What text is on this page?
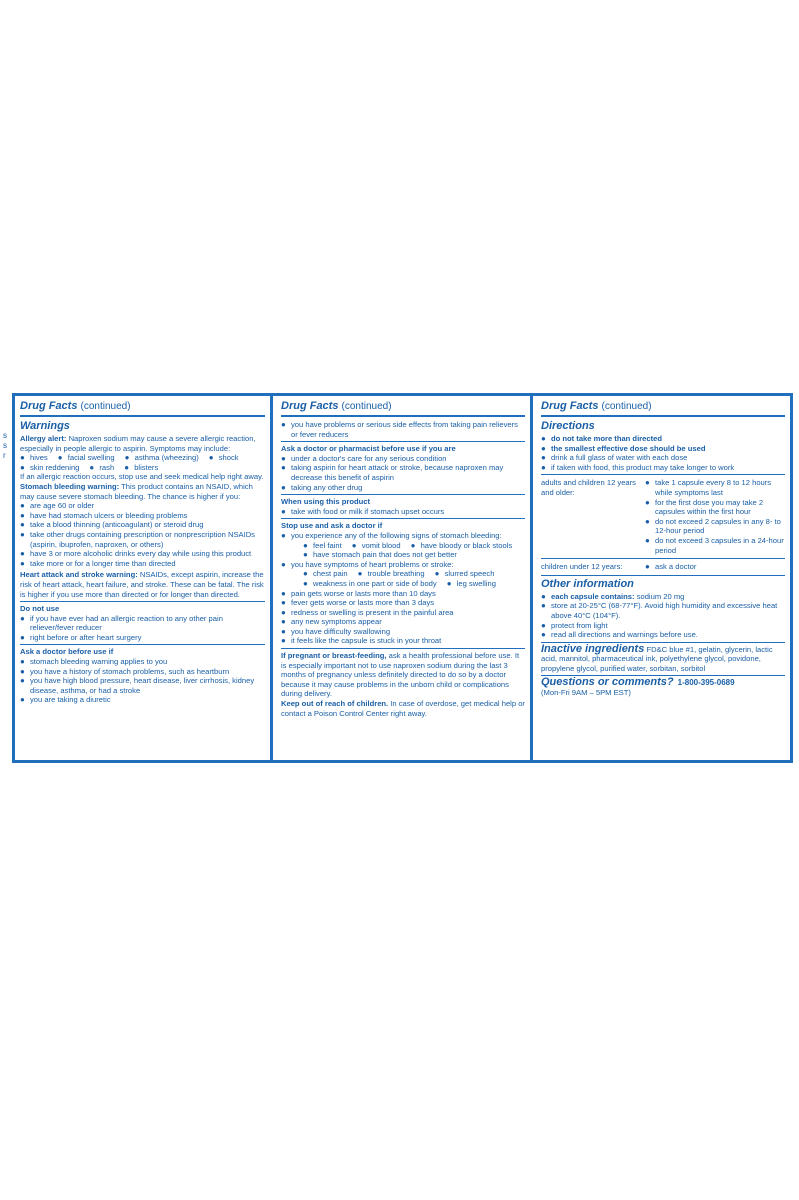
s
s
r
Drug Facts (continued)
Warnings
Allergy alert: Naproxen sodium may cause a severe allergic reaction, especially in people allergic to aspirin. Symptoms may include:
● hives	● facial swelling	● asthma (wheezing)	● shock
● skin reddening	● rash	● blisters
If an allergic reaction occurs, stop use and seek medical help right away.
Stomach bleeding warning: This product contains an NSAID, which may cause severe stomach bleeding. The chance is higher if you:
● are age 60 or older
● have had stomach ulcers or bleeding problems
● take a blood thinning (anticoagulant) or steroid drug
● take other drugs containing prescription or nonprescription NSAIDs (aspirin, ibuprofen, naproxen, or others)
● have 3 or more alcoholic drinks every day while using this product
● take more or for a longer time than directed
Heart attack and stroke warning: NSAIDs, except aspirin, increase the risk of heart attack, heart failure, and stroke. These can be fatal. The risk is higher if you use more than directed or for longer than directed.
Do not use
● if you have ever had an allergic reaction to any other pain reliever/fever reducer
● right before or after heart surgery
Ask a doctor before use if
● stomach bleeding warning applies to you
● you have a history of stomach problems, such as heartburn
● you have high blood pressure, heart disease, liver cirrhosis, kidney disease, asthma, or had a stroke
● you are taking a diuretic
Drug Facts (continued)
● you have problems or serious side effects from taking pain relievers or fever reducers
Ask a doctor or pharmacist before use if you are
● under a doctor's care for any serious condition
● taking aspirin for heart attack or stroke, because naproxen may decrease this benefit of aspirin
● taking any other drug
When using this product
● take with food or milk if stomach upset occurs
Stop use and ask a doctor if
● you experience any of the following signs of stomach bleeding:
● feel faint	● vomit blood	● have bloody or black stools
● have stomach pain that does not get better
● you have symptoms of heart problems or stroke:
● chest pain	● trouble breathing	● slurred speech
● weakness in one part or side of body	● leg swelling
● pain gets worse or lasts more than 10 days
● fever gets worse or lasts more than 3 days
● redness or swelling is present in the painful area
● any new symptoms appear
● you have difficulty swallowing
● it feels like the capsule is stuck in your throat
If pregnant or breast-feeding, ask a health professional before use. It is especially important not to use naproxen sodium during the last 3 months of pregnancy unless definitely directed to do so by a doctor because it may cause problems in the unborn child or complications during delivery.
Keep out of reach of children. In case of overdose, get medical help or contact a Poison Control Center right away.
Drug Facts (continued)
Directions
● do not take more than directed
● the smallest effective dose should be used
● drink a full glass of water with each dose
● if taken with food, this product may take longer to work
adults and children 12 years and older:
● take 1 capsule every 8 to 12 hours while symptoms last
● for the first dose you may take 2 capsules within the first hour
● do not exceed 2 capsules in any 8- to 12-hour period
● do not exceed 3 capsules in a 24-hour period
children under 12 years:	● ask a doctor
Other information
● each capsule contains: sodium 20 mg
● store at 20-25°C (68-77°F). Avoid high humidity and excessive heat above 40°C (104°F).
● protect from light
● read all directions and warnings before use.
Inactive ingredients FD&C blue #1, gelatin, glycerin, lactic acid, mannitol, pharmaceutical ink, polyethylene glycol, povidone, propylene glycol, purified water, sorbitan, sorbitol
Questions or comments? 1-800-395-0689
(Mon-Fri 9AM – 5PM EST)
